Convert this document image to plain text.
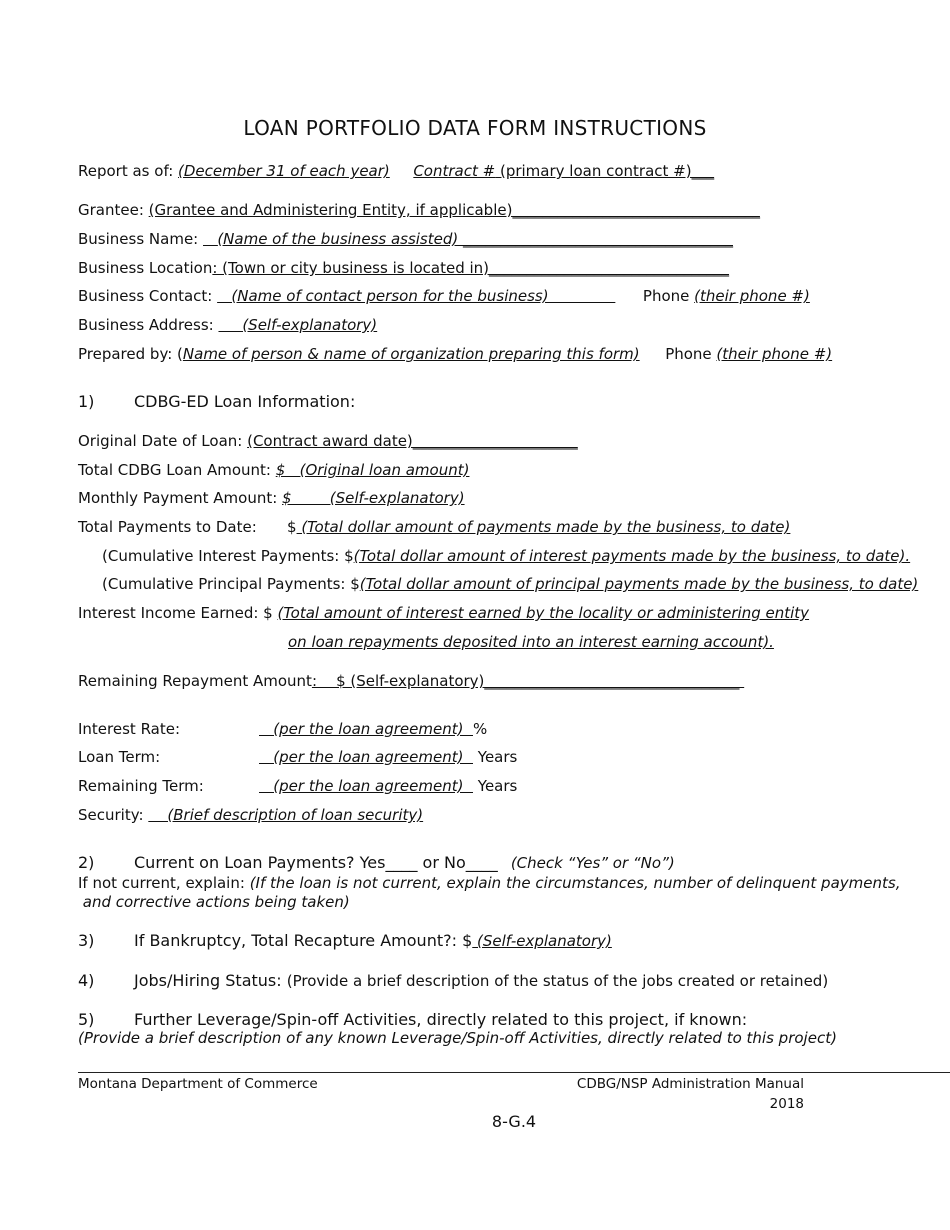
LOAN PORTFOLIO DATA FORM INSTRUCTIONS
Report as of: (December 31 of each year) Contract # (primary loan contract #)___
Grantee: (Grantee and Administering Entity, if applicable)_________________________________
Business Name:    (Name of the business assisted) ____________________________________
Business Location: (Town or city business is located in)________________________________
Business Contact:    (Name of contact person for the business)                Phone (their phone #)
Business Address:      (Self-explanatory)
Prepared by: (Name of person & name of organization preparing this form) Phone (their phone #)
1) CDBG-ED Loan Information:
Original Date of Loan: (Contract award date)______________________
Total CDBG Loan Amount: $   (Original loan amount)
Monthly Payment Amount: $        (Self-explanatory)
Total Payments to Date: $ (Total dollar amount of payments made by the business, to date)
(Cumulative Interest Payments: $(Total dollar amount of interest payments made by the business, to date).
(Cumulative Principal Payments: $(Total dollar amount of principal payments made by the business, to date)
Interest Income Earned: $ (Total amount of interest earned by the locality or administering entity
on loan repayments deposited into an interest earning account).
Remaining Repayment Amount:    $ (Self-explanatory)__________________________________
Interest Rate:	(per the loan agreement)  %
Loan Term:	(per the loan agreement)   Years
Remaining Term:	(per the loan agreement)   Years
Security:     (Brief description of loan security)
2) Current on Loan Payments? Yes____ or No____ (Check “Yes” or “No”)
If not current, explain: (If the loan is not current, explain the circumstances, number of delinquent payments,
and corrective actions being taken)
3) If Bankruptcy, Total Recapture Amount?: $ (Self-explanatory)
4) Jobs/Hiring Status: (Provide a brief description of the status of the jobs created or retained)
5) Further Leverage/Spin-off Activities, directly related to this project, if known:
(Provide a brief description of any known Leverage/Spin-off Activities, directly related to this project)
Montana Department of Commerce	CDBG/NSP Administration Manual
2018
8-G.4
